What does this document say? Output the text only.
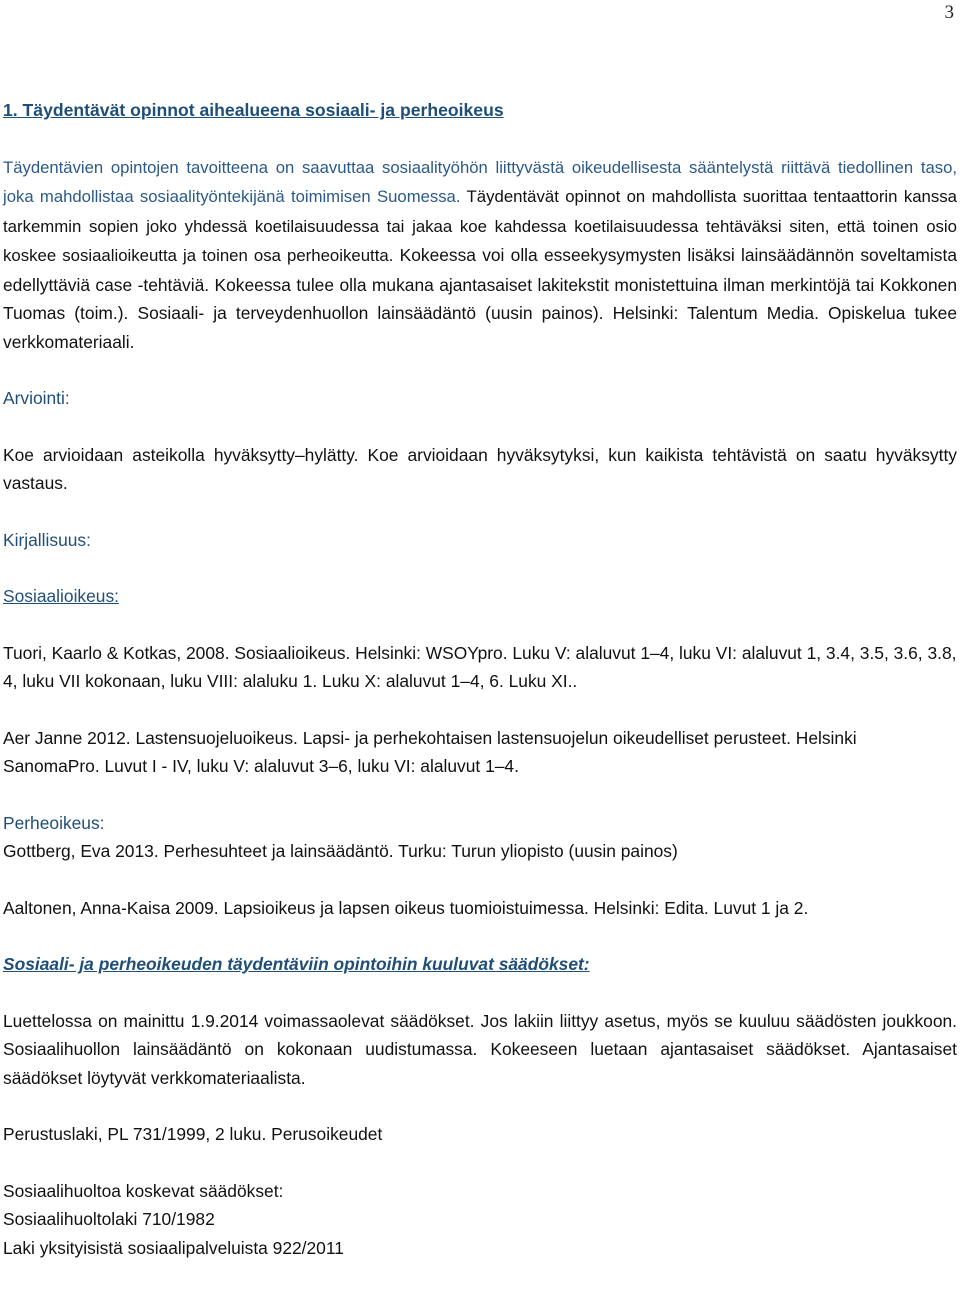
3

1. Täydentävät opinnot aihealueena sosiaali- ja perheoikeus

Täydentävien opintojen tavoitteena on saavuttaa sosiaalityöhön liittyvästä oikeudellisesta sääntelystä riittävä tiedollinen taso, joka mahdollistaa sosiaalityöntekijänä toimimisen Suomessa. Täydentävät opinnot on mahdollista suorittaa tentaattorin kanssa tarkemmin sopien joko yhdessä koetilaisuudessa tai jakaa koe kahdessa koetilaisuudessa tehtäväksi siten, että toinen osio koskee sosiaalioikeutta ja toinen osa perheoikeutta. Kokeessa voi olla esseekysymysten lisäksi lainsäädännön soveltamista edellyttäviä case -tehtäviä. Kokeessa tulee olla mukana ajantasaiset lakitekstit monistettuina ilman merkintöjä tai Kokkonen Tuomas (toim.). Sosiaali- ja terveydenhuollon lainsäädäntö (uusin painos). Helsinki: Talentum Media. Opiskelua tukee verkkomateriaali.

Arviointi:

Koe arvioidaan asteikolla hyväksytty–hylätty. Koe arvioidaan hyväksytyksi, kun kaikista tehtävistä on saatu hyväksytty vastaus.

Kirjallisuus:

Sosiaalioikeus:

Tuori, Kaarlo & Kotkas, 2008. Sosiaalioikeus. Helsinki: WSOYpro. Luku V: alaluvut 1–4, luku VI: alaluvut 1, 3.4, 3.5, 3.6, 3.8, 4, luku VII kokonaan, luku VIII: alaluku 1. Luku X: alaluvut 1–4, 6. Luku XI..

Aer Janne 2012. Lastensuojeluoikeus. Lapsi- ja perhekohtaisen lastensuojelun oikeudelliset perusteet. Helsinki SanomaPro. Luvut I - IV, luku V: alaluvut 3–6, luku VI: alaluvut 1–4.

Perheoikeus:

Gottberg, Eva 2013. Perhesuhteet ja lainsäädäntö. Turku: Turun yliopisto (uusin painos)

Aaltonen, Anna-Kaisa 2009. Lapsioikeus ja lapsen oikeus tuomioistuimessa. Helsinki: Edita. Luvut 1 ja 2.

Sosiaali- ja perheoikeuden täydentäviin opintoihin kuuluvat säädökset:

Luettelossa on mainittu 1.9.2014 voimassaolevat säädökset. Jos lakiin liittyy asetus, myös se kuuluu säädösten joukkoon. Sosiaalihuollon lainsäädäntö on kokonaan uudistumassa. Kokeeseen luetaan ajantasaiset säädökset. Ajantasaiset säädökset löytyvät verkkomateriaalista.

Perustuslaki, PL 731/1999, 2 luku. Perusoikeudet

Sosiaalihuoltoa koskevat säädökset:

Sosiaalihuoltolaki 710/1982

Laki yksityisistä sosiaalipalveluista 922/2011
